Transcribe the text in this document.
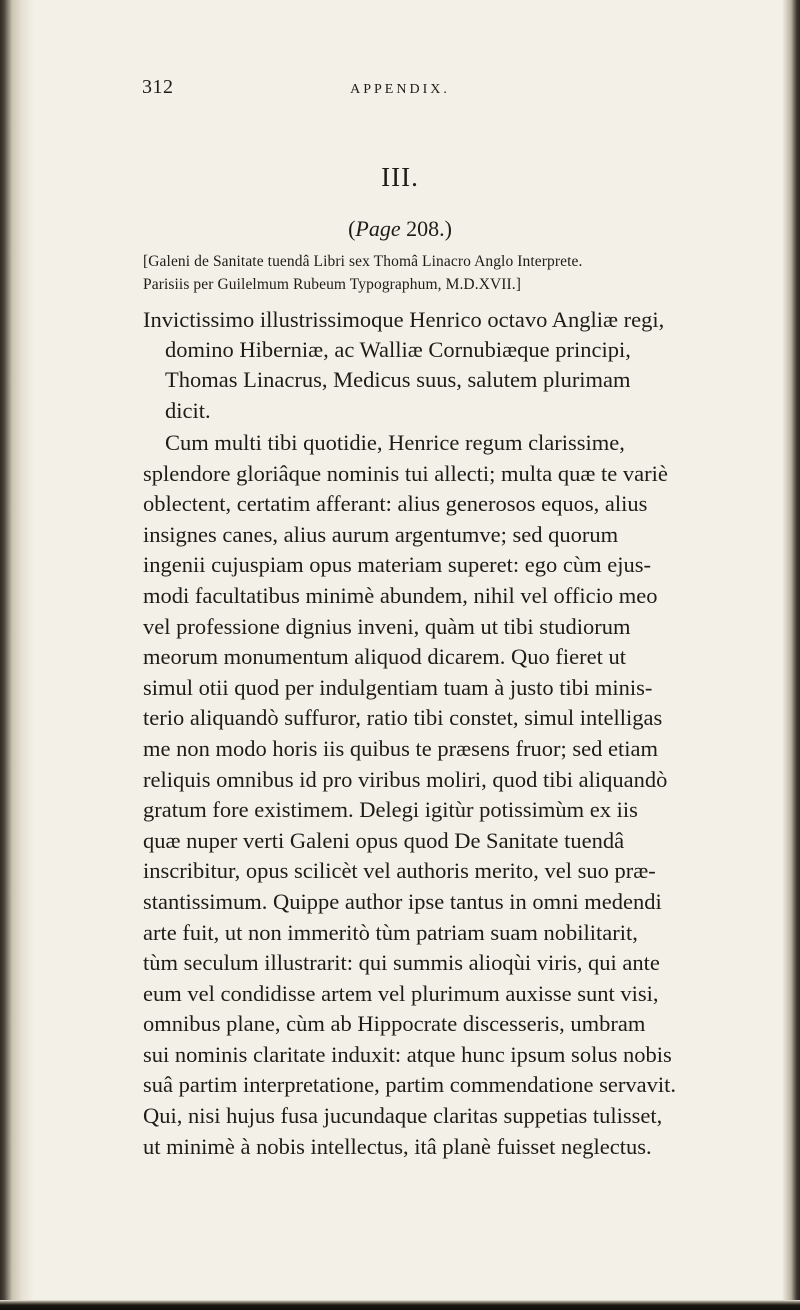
312	APPENDIX.
III.
(Page 208.)
[Galeni de Sanitate tuendâ Libri sex Thomâ Linacro Anglo Interprete.
Parisiis per Guilelmum Rubeum Typographum, M.D.XVII.]
Invictissimo illustrissimoque Henrico octavo Angliæ regi,
domino Hiberniæ, ac Walliæ Cornubiæque principi,
Thomas Linacrus, Medicus suus, salutem plurimam
dicit.
Cum multi tibi quotidie, Henrice regum clarissime,
splendore gloriâque nominis tui allecti; multa quæ te variè
oblectent, certatim afferant: alius generosos equos, alius
insignes canes, alius aurum argentumve; sed quorum
ingenii cujuspiam opus materiam superet: ego cùm ejus-
modi facultatibus minimè abundem, nihil vel officio meo
vel professione dignius inveni, quàm ut tibi studiorum
meorum monumentum aliquod dicarem. Quo fieret ut
simul otii quod per indulgentiam tuam à justo tibi minis-
terio aliquandò suffuror, ratio tibi constet, simul intelligas
me non modo horis iis quibus te præsens fruor; sed etiam
reliquis omnibus id pro viribus moliri, quod tibi aliquandò
gratum fore existimem. Delegi igitùr potissimùm ex iis
quæ nuper verti Galeni opus quod De Sanitate tuendâ
inscribitur, opus scilicèt vel authoris merito, vel suo præ-
stantissimum. Quippe author ipse tantus in omni medendi
arte fuit, ut non immeritò tùm patriam suam nobilitarit,
tùm seculum illustrarit: qui summis alioqùi viris, qui ante
eum vel condidisse artem vel plurimum auxisse sunt visi,
omnibus plane, cùm ab Hippocrate discesseris, umbram
sui nominis claritate induxit: atque hunc ipsum solus nobis
suâ partim interpretatione, partim commendatione servavit.
Qui, nisi hujus fusa jucundaque claritas suppetias tulisset,
ut minimè à nobis intellectus, itâ planè fuisset neglectus.
